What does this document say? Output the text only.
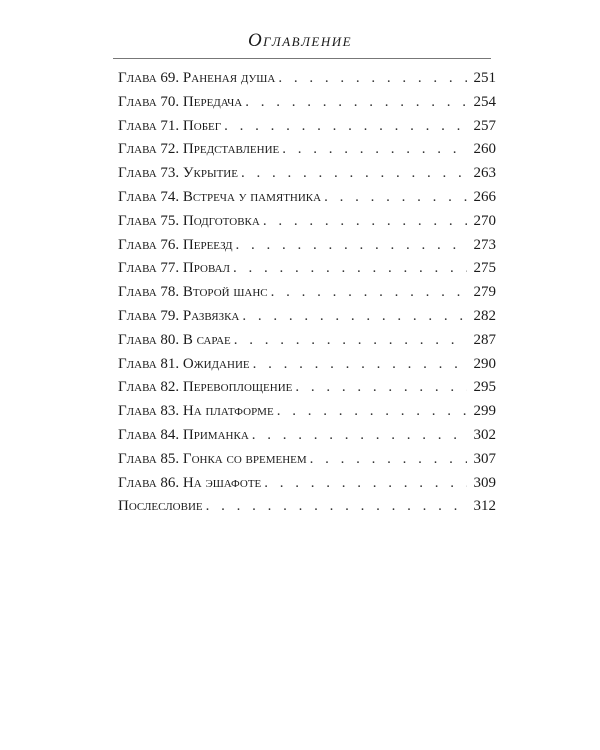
Оглавление
Глава 69. Раненая душа . . .	251
Глава 70. Передача . . .	254
Глава 71. Побег . . .	257
Глава 72. Представление . . .	260
Глава 73. Укрытие . . .	263
Глава 74. Встреча у памятника . . .	266
Глава 75. Подготовка . . .	270
Глава 76. Переезд . . .	273
Глава 77. Провал . . .	275
Глава 78. Второй шанс . . .	279
Глава 79. Развязка . . .	282
Глава 80. В сарае . . .	287
Глава 81. Ожидание . . .	290
Глава 82. Перевоплощение . . .	295
Глава 83. На платформе . . .	299
Глава 84. Приманка . . .	302
Глава 85. Гонка со временем . . .	307
Глава 86. На эшафоте . . .	309
Послесловие . . .	312
